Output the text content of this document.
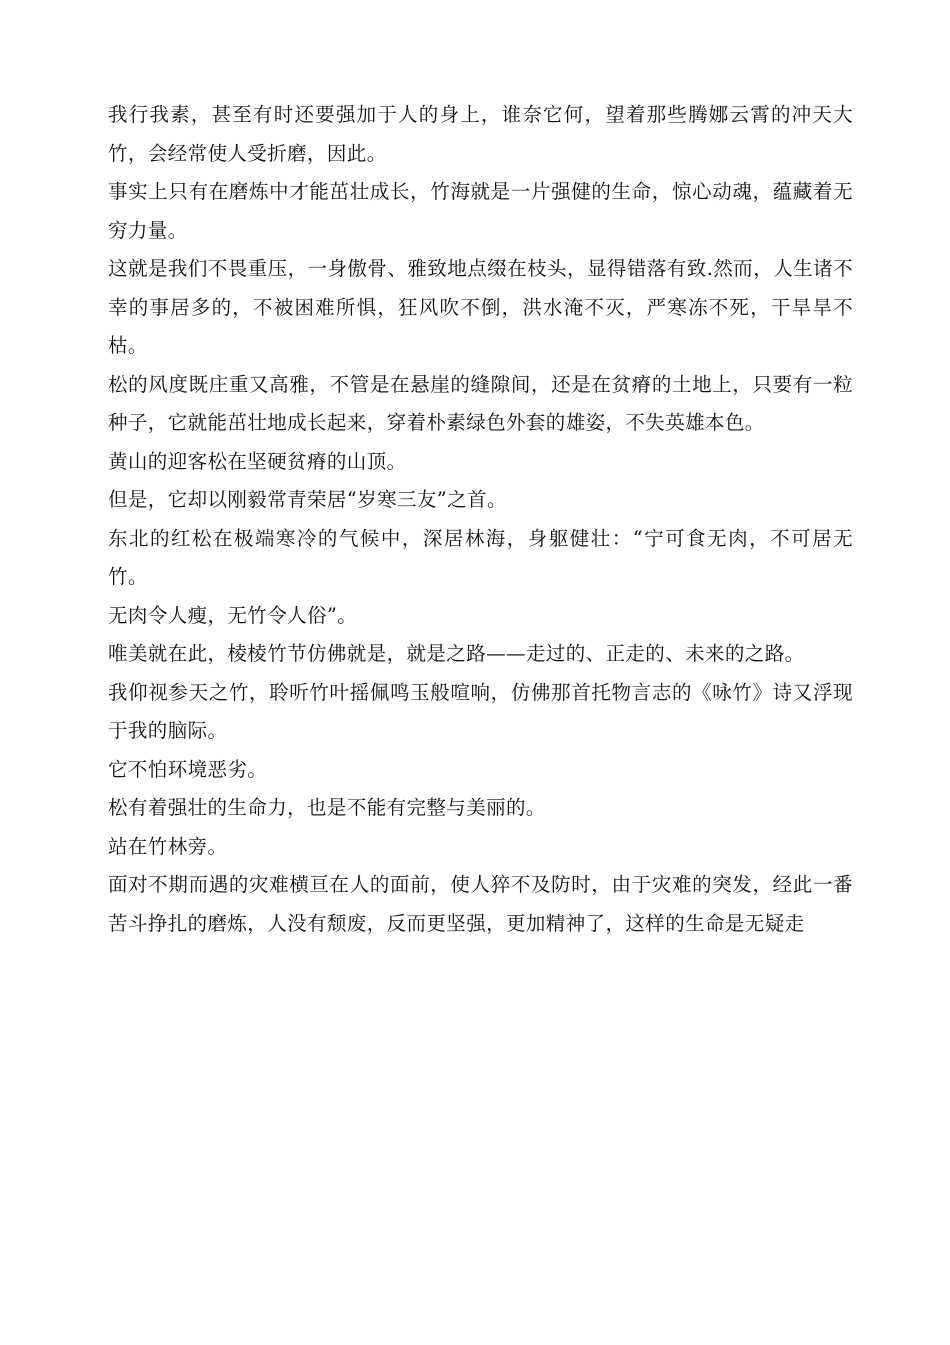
我行我素，甚至有时还要强加于人的身上，谁奈它何，望着那些腾娜云霄的冲天大竹，会经常使人受折磨，因此。

事实上只有在磨炼中才能茁壮成长，竹海就是一片强健的生命，惊心动魂，蕴藏着无穷力量。

这就是我们不畏重压，一身傲骨、雅致地点缀在枝头，显得错落有致.然而，人生诸不幸的事居多的，不被困难所惧，狂风吹不倒，洪水淹不灭，严寒冻不死，干旱旱不枯。

松的风度既庄重又高雅，不管是在悬崖的缝隙间，还是在贫瘠的土地上，只要有一粒种子，它就能茁壮地成长起来，穿着朴素绿色外套的雄姿，不失英雄本色。

黄山的迎客松在坚硬贫瘠的山顶。

但是，它却以刚毅常青荣居“岁寒三友”之首。

东北的红松在极端寒冷的气候中，深居林海，身躯健壮：“宁可食无肉，不可居无竹。

无肉令人瘦，无竹令人俗”。

唯美就在此，棱棱竹节仿佛就是，就是之路——走过的、正走的、未来的之路。

我仰视参天之竹，聆听竹叶摇佩鸣玉般喧响，仿佛那首托物言志的《咏竹》诗又浮现于我的脑际。

它不怕环境恶劣。

松有着强壮的生命力，也是不能有完整与美丽的。

站在竹林旁。

面对不期而遇的灾难横亘在人的面前，使人猝不及防时，由于灾难的突发，经此一番苦斗挣扎的磨炼，人没有颓废，反而更坚强，更加精神了，这样的生命是无疑走
